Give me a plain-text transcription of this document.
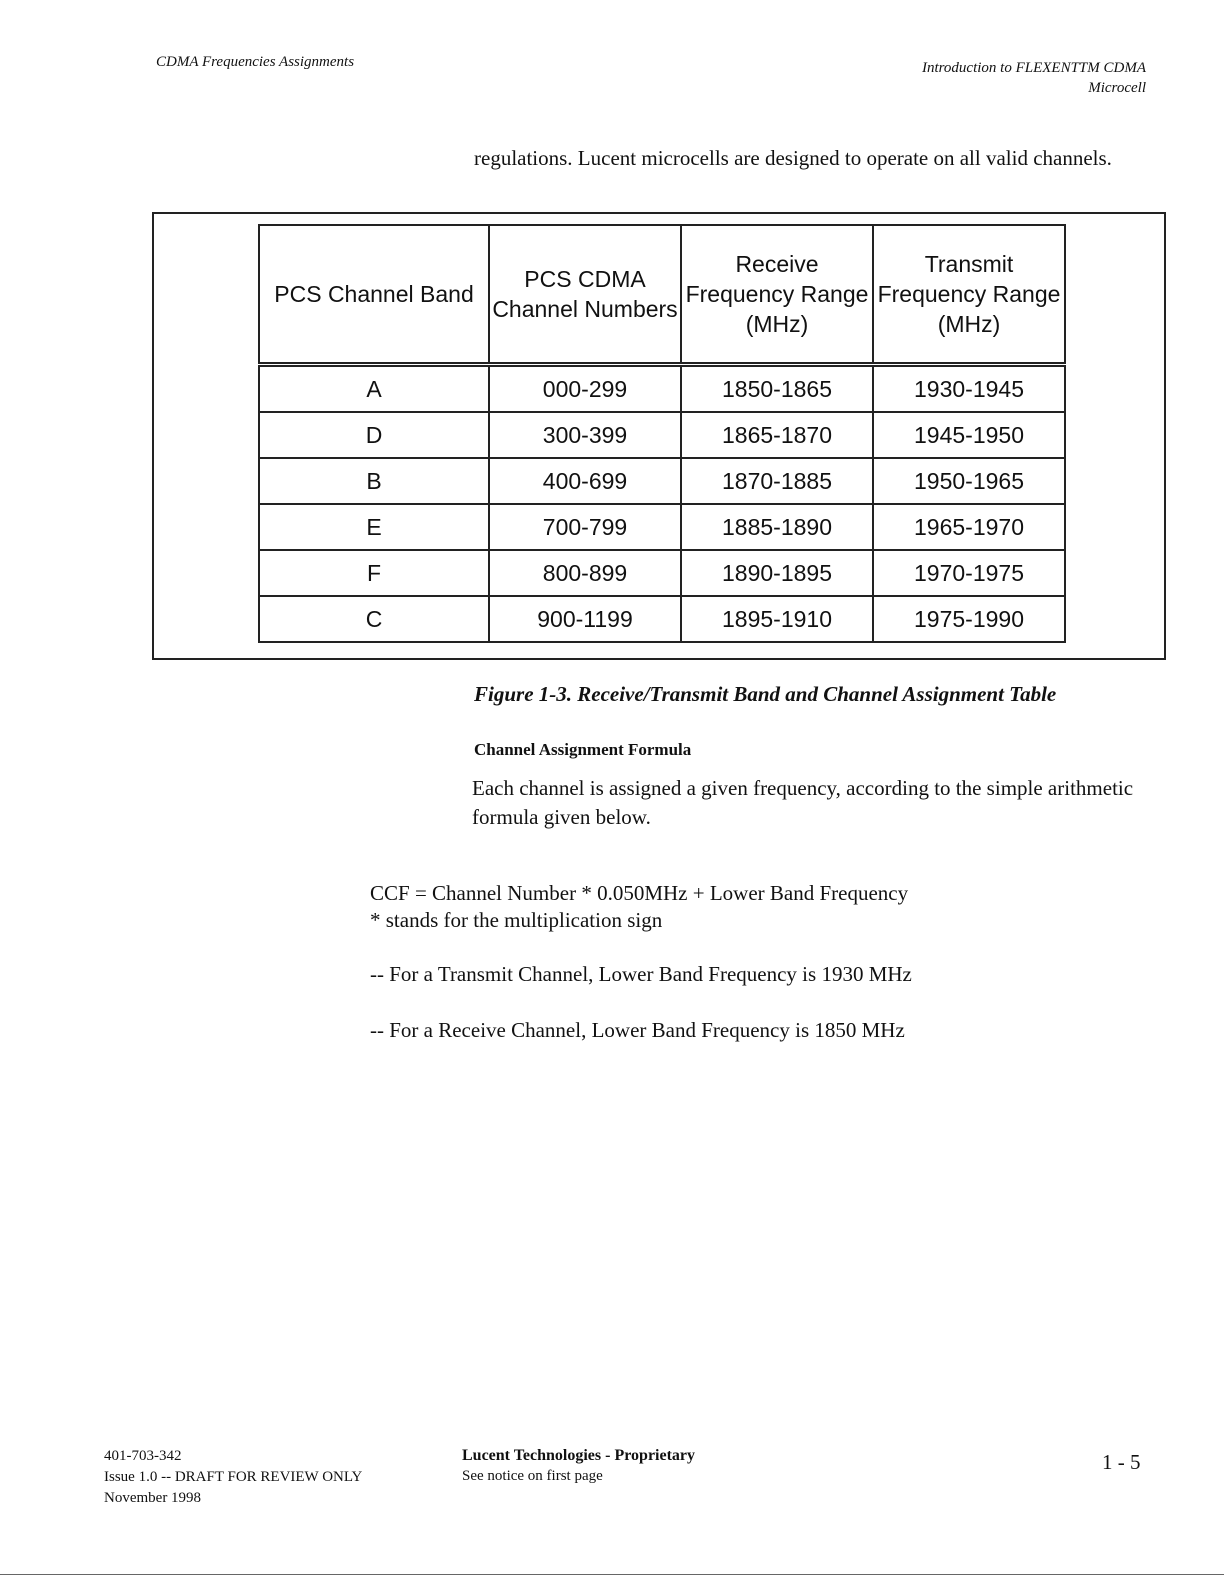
CDMA Frequencies Assignments	Introduction to FLEXENTTM CDMA
Microcell
regulations. Lucent microcells are designed to operate on all valid channels.
PCS Channel Band	PCS CDMA Channel Numbers	Receive Frequency Range (MHz)	Transmit Frequency Range (MHz)
A	000-299	1850-1865	1930-1945
D	300-399	1865-1870	1945-1950
B	400-699	1870-1885	1950-1965
E	700-799	1885-1890	1965-1970
F	800-899	1890-1895	1970-1975
C	900-1199	1895-1910	1975-1990
Figure 1-3. Receive/Transmit Band and Channel Assignment Table
Channel Assignment Formula
Each channel is assigned a given frequency, according to the simple arithmetic formula given below.
CCF = Channel Number * 0.050MHz + Lower Band Frequency
* stands for the multiplication sign
-- For a Transmit Channel, Lower Band Frequency is 1930 MHz
-- For a Receive Channel, Lower Band Frequency is 1850 MHz
401-703-342
Issue 1.0 -- DRAFT FOR REVIEW ONLY
November 1998
Lucent Technologies - Proprietary
See notice on first page
1 - 5
